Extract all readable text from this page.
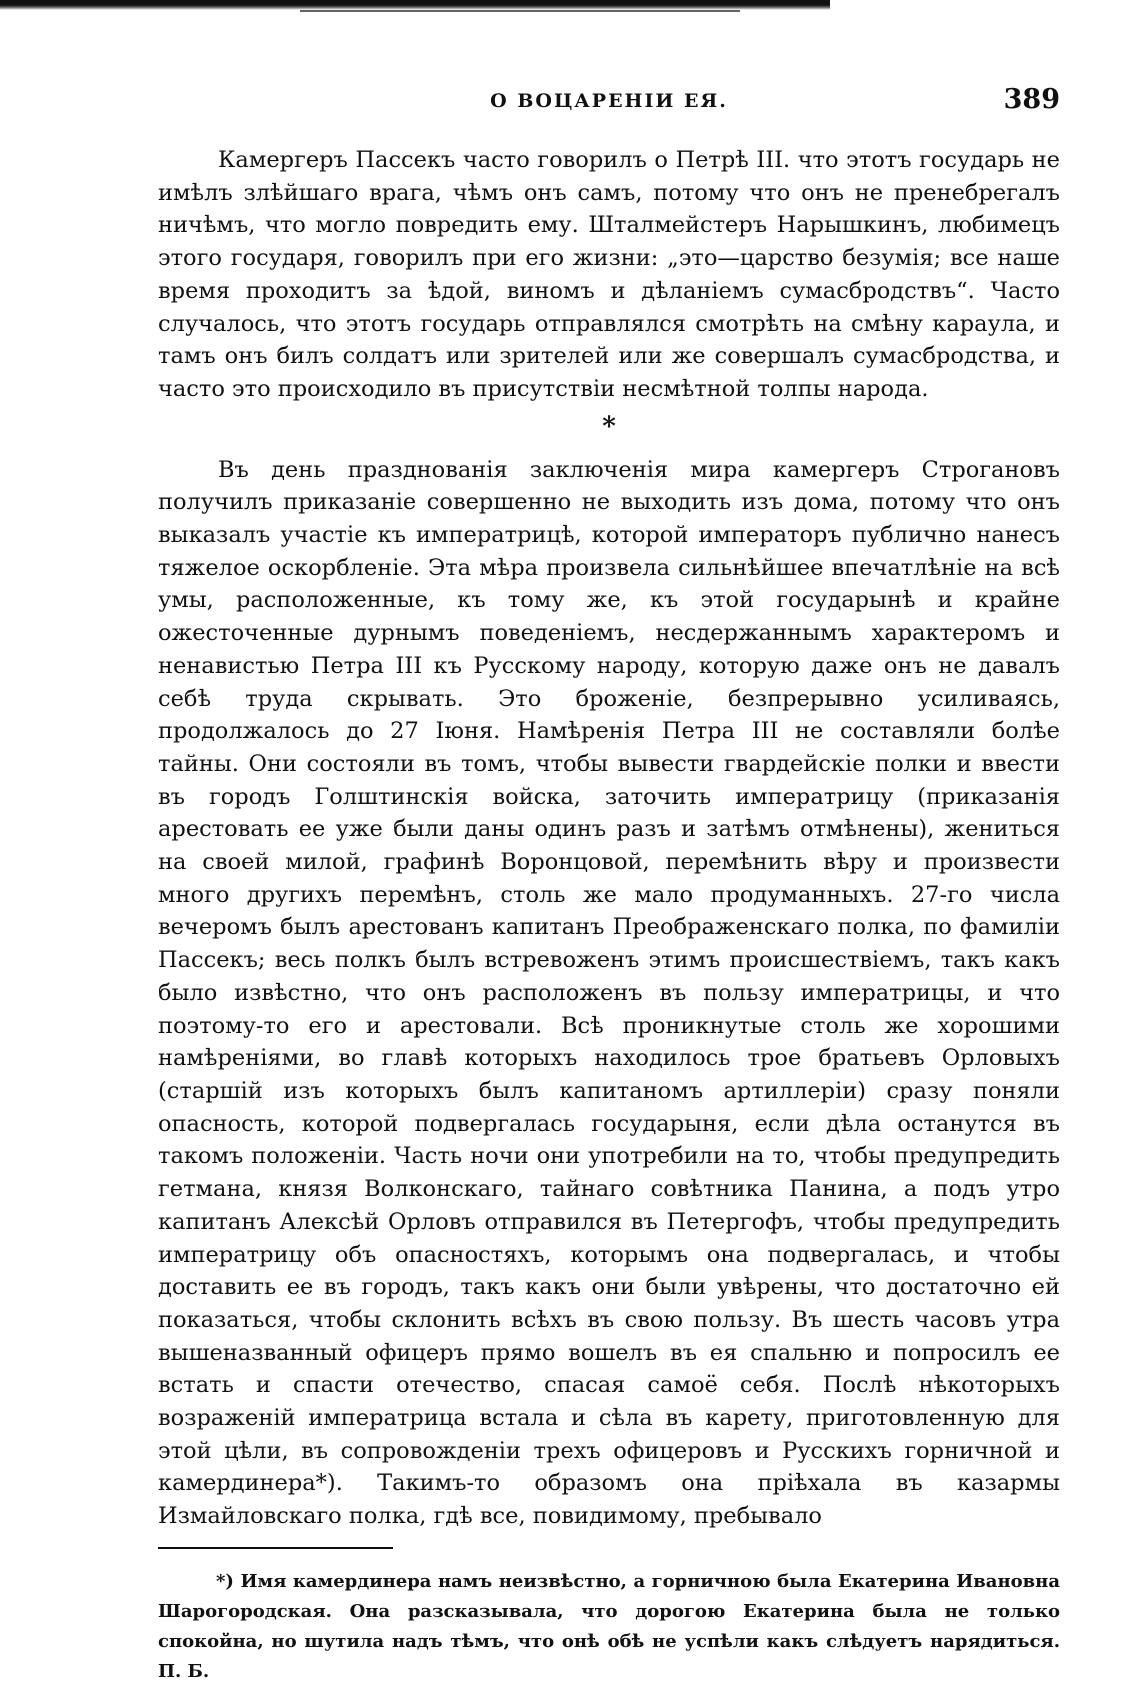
О ВОЦАРЕНІИ ЕЯ.	389

Камергеръ Пассекъ часто говорилъ о Петрѣ III. что этотъ государь не имѣлъ злѣйшаго врага, чѣмъ онъ самъ, потому что онъ не пренебрегалъ ничѣмъ, что могло повредить ему. Шталмейстеръ Нарышкинъ, любимецъ этого государя, говорилъ при его жизни: „это—царство безумія; все наше время проходитъ за ѣдой, виномъ и дѣланіемъ сумасбродствъ“. Часто случалось, что этотъ государь отправлялся смотрѣть на смѣну караула, и тамъ онъ билъ солдатъ или зрителей или же совершалъ сумасбродства, и часто это происходило въ присутствіи несмѣтной толпы народа.

*

Въ день празднованія заключенія мира камергеръ Строгановъ получилъ приказаніе совершенно не выходить изъ дома, потому что онъ выказалъ участіе къ императрицѣ, которой императоръ публично нанесъ тяжелое оскорбленіе. Эта мѣра произвела сильнѣйшее впечатлѣніе на всѣ умы, расположенные, къ тому же, къ этой государынѣ и крайне ожесточенные дурнымъ поведеніемъ, несдержаннымъ характеромъ и ненавистью Петра III къ Русскому народу, которую даже онъ не давалъ себѣ труда скрывать. Это броженіе, безпрерывно усиливаясь, продолжалось до 27 Іюня. Намѣренія Петра III не составляли болѣе тайны. Они состояли въ томъ, чтобы вывести гвардейскіе полки и ввести въ городъ Голштинскія войска, заточить императрицу (приказанія арестовать ее уже были даны одинъ разъ и затѣмъ отмѣнены), жениться на своей милой, графинѣ Воронцовой, перемѣнить вѣру и произвести много другихъ перемѣнъ, столь же мало продуманныхъ. 27-го числа вечеромъ былъ арестованъ капитанъ Преображенскаго полка, по фамиліи Пассекъ; весь полкъ былъ встревоженъ этимъ происшествіемъ, такъ какъ было извѣстно, что онъ расположенъ въ пользу императрицы, и что поэтому-то его и арестовали. Всѣ проникнутые столь же хорошими намѣреніями, во главѣ которыхъ находилось трое братьевъ Орловыхъ (старшій изъ которыхъ былъ капитаномъ артиллеріи) сразу поняли опасность, которой подвергалась государыня, если дѣла останутся въ такомъ положеніи. Часть ночи они употребили на то, чтобы предупредить гетмана, князя Волконскаго, тайнаго совѣтника Панина, а подъ утро капитанъ Алексѣй Орловъ отправился въ Петергофъ, чтобы предупредить императрицу объ опасностяхъ, которымъ она подвергалась, и чтобы доставить ее въ городъ, такъ какъ они были увѣрены, что достаточно ей показаться, чтобы склонить всѣхъ въ свою пользу. Въ шесть часовъ утра вышеназванный офицеръ прямо вошелъ въ ея спальню и попросилъ ее встать и спасти отечество, спасая самоё себя. Послѣ нѣкоторыхъ возраженій императрица встала и сѣла въ карету, приготовленную для этой цѣли, въ сопровожденіи трехъ офицеровъ и Русскихъ горничной и камердинера*). Такимъ-то образомъ она пріѣхала въ казармы Измайловскаго полка, гдѣ все, повидимому, пребывало

*) Имя камердинера намъ неизвѣстно, а горничною была Екатерина Ивановна Шарогородская. Она разсказывала, что дорогою Екатерина была не только спокойна, но шутила надъ тѣмъ, что онѣ обѣ не успѣли какъ слѣдуетъ нарядиться. П. Б.
